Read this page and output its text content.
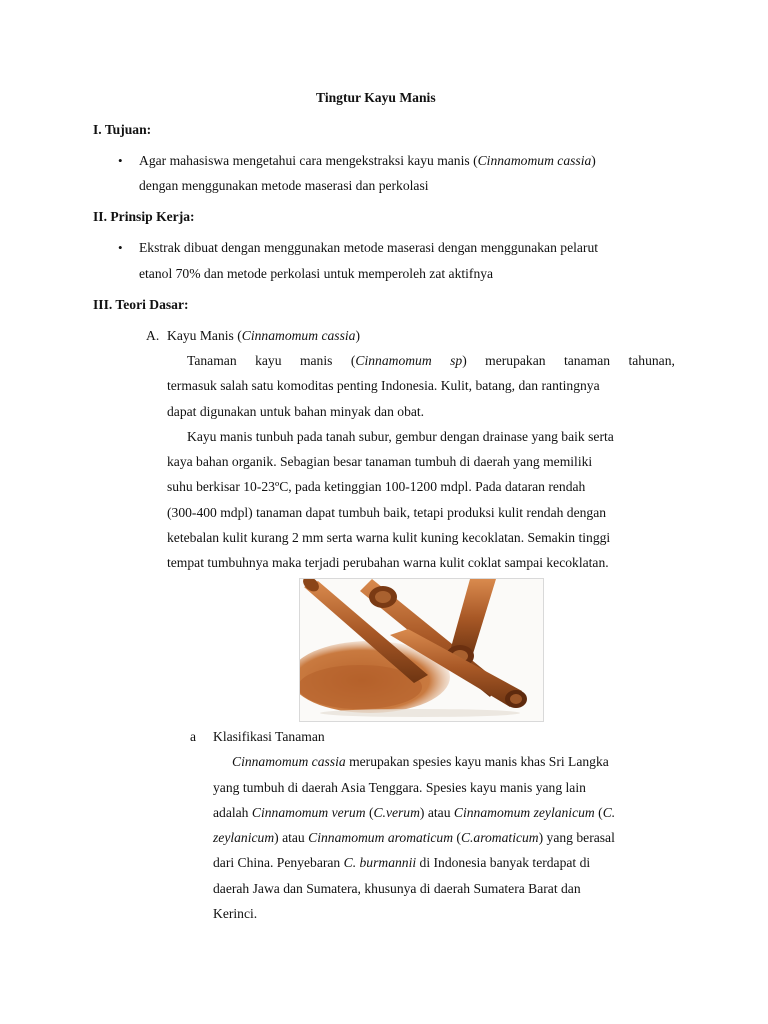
Tingtur Kayu Manis
I. Tujuan:
• Agar mahasiswa mengetahui cara mengekstraksi kayu manis (Cinnamomum cassia)
dengan menggunakan metode maserasi dan perkolasi
II. Prinsip Kerja:
• Ekstrak dibuat dengan menggunakan metode maserasi dengan menggunakan pelarut
etanol 70% dan metode perkolasi untuk memperoleh zat aktifnya
III. Teori Dasar:
A. Kayu Manis (Cinnamomum cassia)
Tanaman kayu manis (Cinnamomum sp) merupakan tanaman tahunan,
termasuk salah satu komoditas penting Indonesia. Kulit, batang, dan rantingnya
dapat digunakan untuk bahan minyak dan obat.
Kayu manis tunbuh pada tanah subur, gembur dengan drainase yang baik serta
kaya bahan organik. Sebagian besar tanaman tumbuh di daerah yang memiliki
suhu berkisar 10-23ºC, pada ketinggian 100-1200 mdpl. Pada dataran rendah
(300-400 mdpl) tanaman dapat tumbuh baik, tetapi produksi kulit rendah dengan
ketebalan kulit kurang 2 mm serta warna kulit kuning kecoklatan. Semakin tinggi
tempat tumbuhnya maka terjadi perubahan warna kulit coklat sampai kecoklatan.
a Klasifikasi Tanaman
Cinnamomum cassia merupakan spesies kayu manis khas Sri Langka
yang tumbuh di daerah Asia Tenggara. Spesies kayu manis yang lain
adalah Cinnamomum verum (C.verum) atau Cinnamomum zeylanicum (C.
zeylanicum) atau Cinnamomum aromaticum (C.aromaticum) yang berasal
dari China. Penyebaran C. burmannii di Indonesia banyak terdapat di
daerah Jawa dan Sumatera, khusunya di daerah Sumatera Barat dan
Kerinci.
